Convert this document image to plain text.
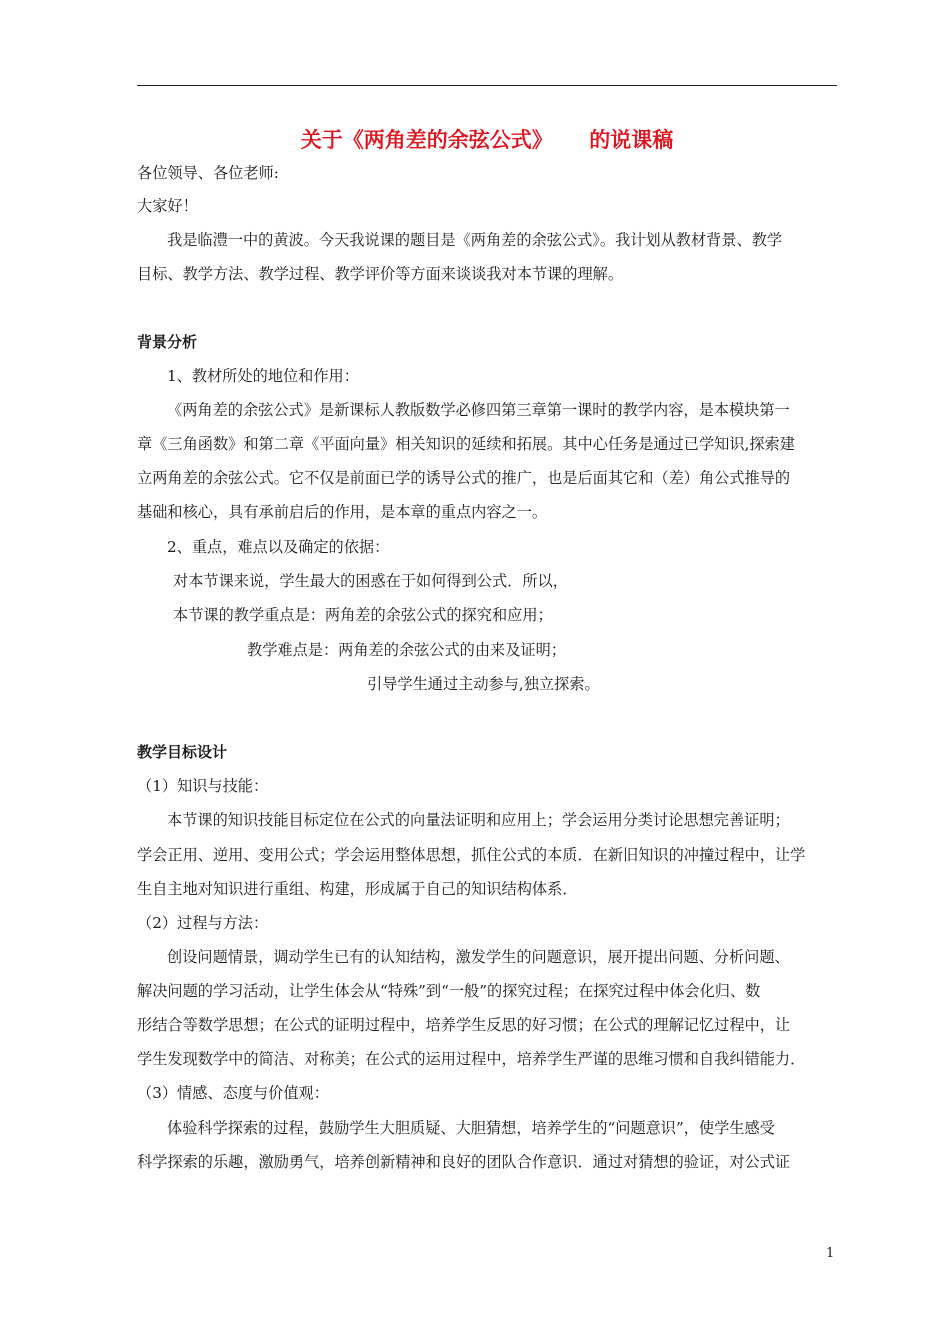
关于《两角差的余弦公式》     的说课稿
各位领导、各位老师:
大家好！
我是临澧一中的黄波。今天我说课的题目是《两角差的余弦公式》。我计划从教材背景、教学
目标、教学方法、教学过程、教学评价等方面来谈谈我对本节课的理解。
背景分析
1、教材所处的地位和作用：
《两角差的余弦公式》是新课标人教版数学必修四第三章第一课时的教学内容，是本模块第一
章《三角函数》和第二章《平面向量》相关知识的延续和拓展。其中心任务是通过已学知识,探索建
立两角差的余弦公式。它不仅是前面已学的诱导公式的推广，也是后面其它和（差）角公式推导的
基础和核心，具有承前启后的作用，是本章的重点内容之一。
2、重点，难点以及确定的依据：
对本节课来说，学生最大的困惑在于如何得到公式．所以，
本节课的教学重点是：两角差的余弦公式的探究和应用；
教学难点是：两角差的余弦公式的由来及证明；
引导学生通过主动参与,独立探索。
教学目标设计
（1）知识与技能：
本节课的知识技能目标定位在公式的向量法证明和应用上；学会运用分类讨论思想完善证明；
学会正用、逆用、变用公式；学会运用整体思想，抓住公式的本质．在新旧知识的冲撞过程中，让学
生自主地对知识进行重组、构建，形成属于自己的知识结构体系．
（2）过程与方法：
创设问题情景，调动学生已有的认知结构，激发学生的问题意识，展开提出问题、分析问题、
解决问题的学习活动，让学生体会从“特殊”到“一般”的探究过程；在探究过程中体会化归、数
形结合等数学思想；在公式的证明过程中，培养学生反思的好习惯；在公式的理解记忆过程中，让
学生发现数学中的简洁、对称美；在公式的运用过程中，培养学生严谨的思维习惯和自我纠错能力．
（3）情感、态度与价值观：
体验科学探索的过程，鼓励学生大胆质疑、大胆猜想，培养学生的“问题意识”，使学生感受
科学探索的乐趣，激励勇气，培养创新精神和良好的团队合作意识．通过对猜想的验证，对公式证
1
